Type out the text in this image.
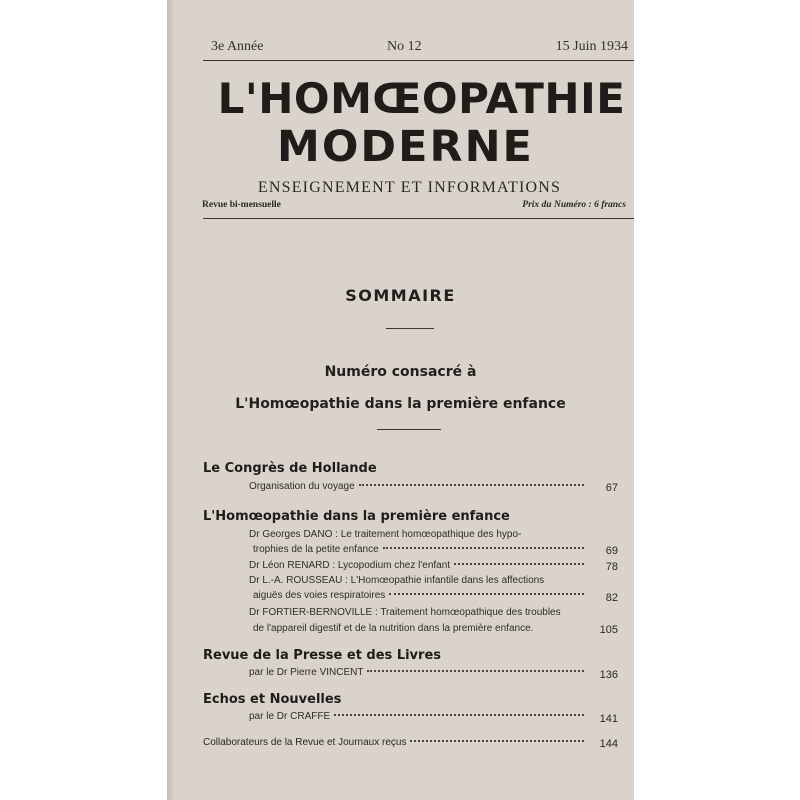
3e Année	No 12	15 Juin 1934
L'HOMŒOPATHIE
MODERNE
ENSEIGNEMENT ET INFORMATIONS
Revue bi-mensuelle	Prix du Numéro : 6 francs
SOMMAIRE
Numéro consacré à
L'Homœopathie dans la première enfance
Le Congrès de Hollande
Organisation du voyage	67
L'Homœopathie dans la première enfance
Dr Georges DANO : Le traitement homœopathique des hypo-
trophies de la petite enfance	69
Dr Léon RENARD : Lycopodium chez l'enfant	78
Dr L.-A. ROUSSEAU : L'Homœopathie infantile dans les affections
aiguës des voies respiratoires	82
Dr FORTIER-BERNOVILLE : Traitement homœopathique des troubles
de l'appareil digestif et de la nutrition dans la première enfance.	105
Revue de la Presse et des Livres
par le Dr Pierre VINCENT	136
Echos et Nouvelles
par le Dr CRAFFE	141
Collaborateurs de la Revue et Journaux reçus	144
